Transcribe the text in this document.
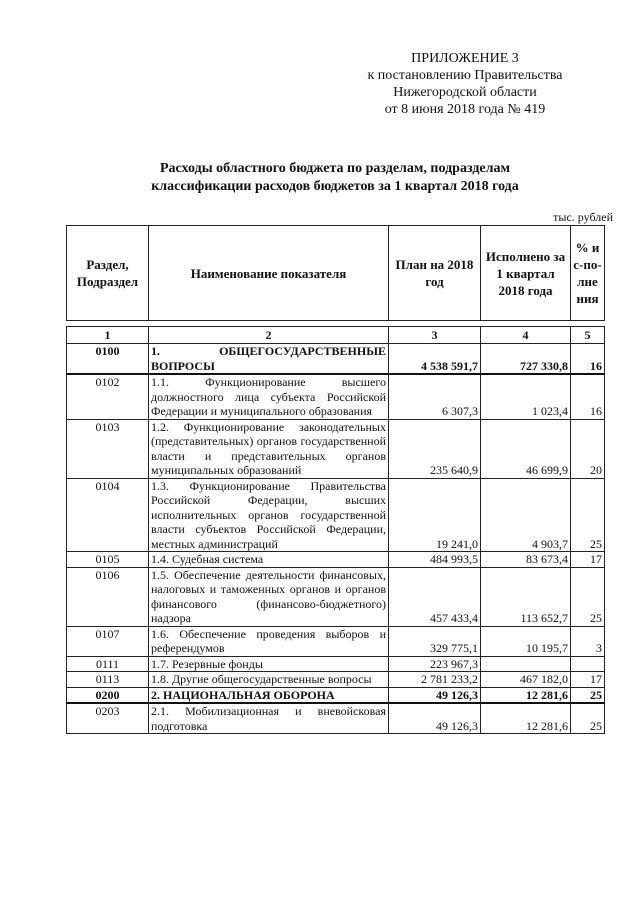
ПРИЛОЖЕНИЕ 3
к постановлению Правительства
Нижегородской области
от 8 июня 2018 года № 419
Расходы областного бюджета по разделам, подразделам
классификации расходов бюджетов за 1 квартал 2018 года
тыс. рублей
Раздел, Подраздел	Наименование показателя	План на 2018 год	Исполнено за 1 квартал 2018 года	% ис-по-лне ния
1	2	3	4	5
0100	1. ОБЩЕГОСУДАРСТВЕННЫЕ ВОПРОСЫ	4 538 591,7	727 330,8	16
0102	1.1. Функционирование высшего должностного лица субъекта Российской Федерации и муниципального образования	6 307,3	1 023,4	16
0103	1.2. Функционирование законодательных (представительных) органов государственной власти и представительных органов муниципальных образований	235 640,9	46 699,9	20
0104	1.3. Функционирование Правительства Российской Федерации, высших исполнительных органов государственной власти субъектов Российской Федерации, местных администраций	19 241,0	4 903,7	25
0105	1.4. Судебная система	484 993,5	83 673,4	17
0106	1.5. Обеспечение деятельности финансовых, налоговых и таможенных органов и органов финансового (финансово-бюджетного) надзора	457 433,4	113 652,7	25
0107	1.6. Обеспечение проведения выборов и референдумов	329 775,1	10 195,7	3
0111	1.7. Резервные фонды	223 967,3		
0113	1.8. Другие общегосударственные вопросы	2 781 233,2	467 182,0	17
0200	2. НАЦИОНАЛЬНАЯ ОБОРОНА	49 126,3	12 281,6	25
0203	2.1. Мобилизационная и вневойсковая подготовка	49 126,3	12 281,6	25
